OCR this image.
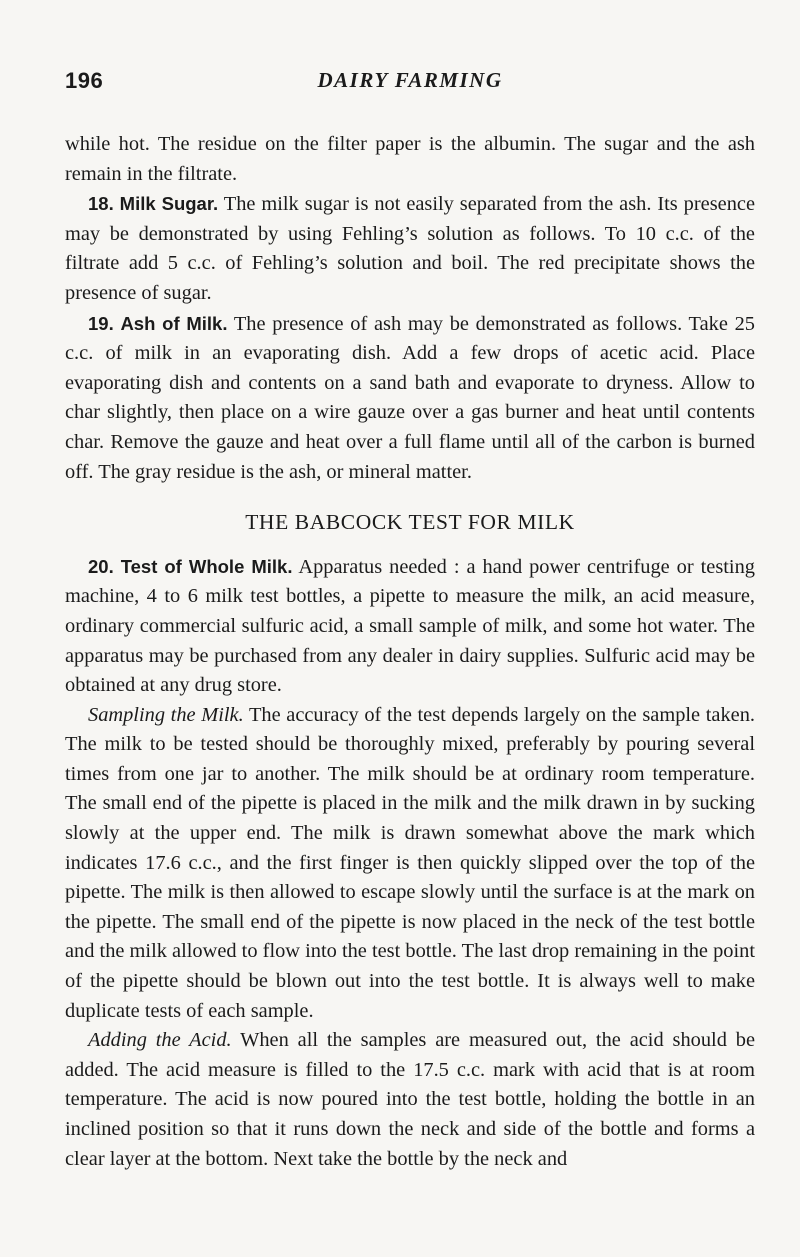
196	DAIRY FARMING

while hot. The residue on the filter paper is the albumin. The sugar and the ash remain in the filtrate.

18. Milk Sugar. The milk sugar is not easily separated from the ash. Its presence may be demonstrated by using Fehling’s solution as follows. To 10 c.c. of the filtrate add 5 c.c. of Fehling’s solution and boil. The red precipitate shows the presence of sugar.

19. Ash of Milk. The presence of ash may be demonstrated as follows. Take 25 c.c. of milk in an evaporating dish. Add a few drops of acetic acid. Place evaporating dish and contents on a sand bath and evaporate to dryness. Allow to char slightly, then place on a wire gauze over a gas burner and heat until contents char. Remove the gauze and heat over a full flame until all of the carbon is burned off. The gray residue is the ash, or mineral matter.

THE BABCOCK TEST FOR MILK

20. Test of Whole Milk. Apparatus needed : a hand power centrifuge or testing machine, 4 to 6 milk test bottles, a pipette to measure the milk, an acid measure, ordinary commercial sulfuric acid, a small sample of milk, and some hot water. The apparatus may be purchased from any dealer in dairy supplies. Sulfuric acid may be obtained at any drug store.

Sampling the Milk. The accuracy of the test depends largely on the sample taken. The milk to be tested should be thoroughly mixed, preferably by pouring several times from one jar to another. The milk should be at ordinary room temperature. The small end of the pipette is placed in the milk and the milk drawn in by sucking slowly at the upper end. The milk is drawn somewhat above the mark which indicates 17.6 c.c., and the first finger is then quickly slipped over the top of the pipette. The milk is then allowed to escape slowly until the surface is at the mark on the pipette. The small end of the pipette is now placed in the neck of the test bottle and the milk allowed to flow into the test bottle. The last drop remaining in the point of the pipette should be blown out into the test bottle. It is always well to make duplicate tests of each sample.

Adding the Acid. When all the samples are measured out, the acid should be added. The acid measure is filled to the 17.5 c.c. mark with acid that is at room temperature. The acid is now poured into the test bottle, holding the bottle in an inclined position so that it runs down the neck and side of the bottle and forms a clear layer at the bottom. Next take the bottle by the neck and
